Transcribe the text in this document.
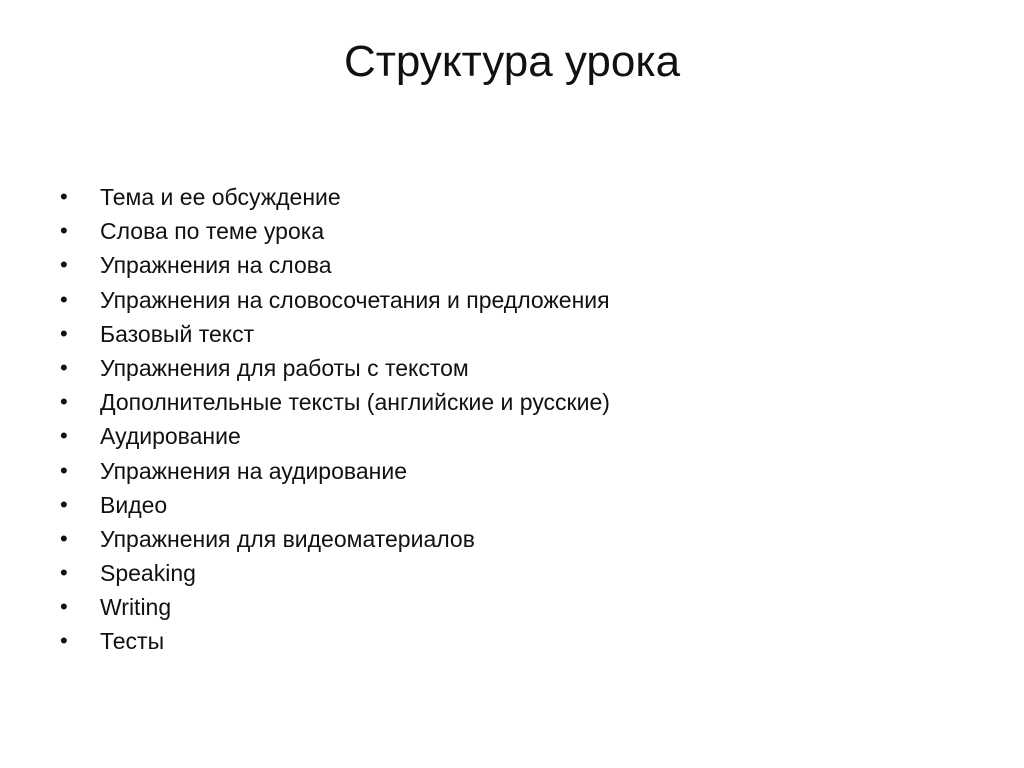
Структура урока
•	Тема и ее обсуждение
•	Слова по теме урока
•	Упражнения на слова
•	Упражнения на словосочетания и предложения
•	Базовый текст
•	Упражнения для работы с текстом
•	Дополнительные тексты (английские и русские)
•	Аудирование
•	Упражнения на аудирование
•	Видео
•	Упражнения для видеоматериалов
•	Speaking
•	Writing
•	Тесты
